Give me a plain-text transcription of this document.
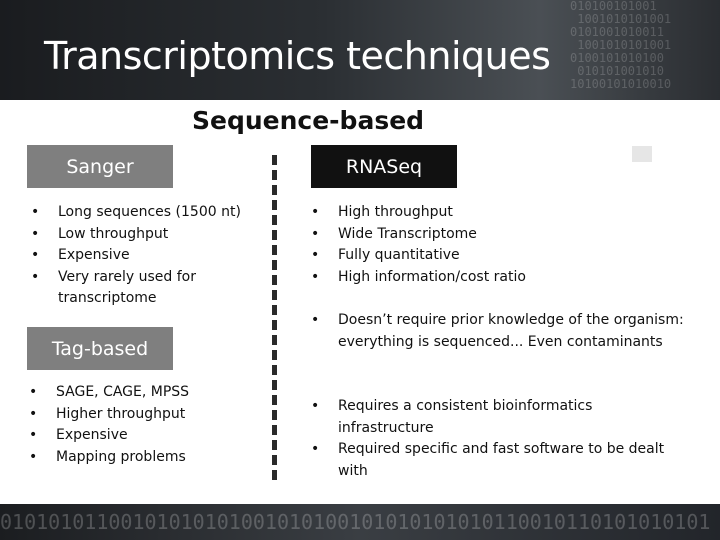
010100101001
1001010101001
0101001010011
1001010101001
0100101010100
010101001010
10100101010010
Transcriptomics techniques
Sequence-based
Sanger	RNASeq
• Long sequences (1500 nt)
• Low throughput
• Expensive
• Very rarely used for transcriptome
Tag-based
• SAGE, CAGE, MPSS
• Higher throughput
• Expensive
• Mapping problems
• High throughput
• Wide Transcriptome
• Fully quantitative
• High information/cost ratio
• Doesn’t require prior knowledge of the organism: everything is sequenced... Even contaminants
• Requires a consistent bioinformatics infrastructure
• Required specific and fast software to be dealt with
01010101100101010101001010100101010101010110010110101010101
